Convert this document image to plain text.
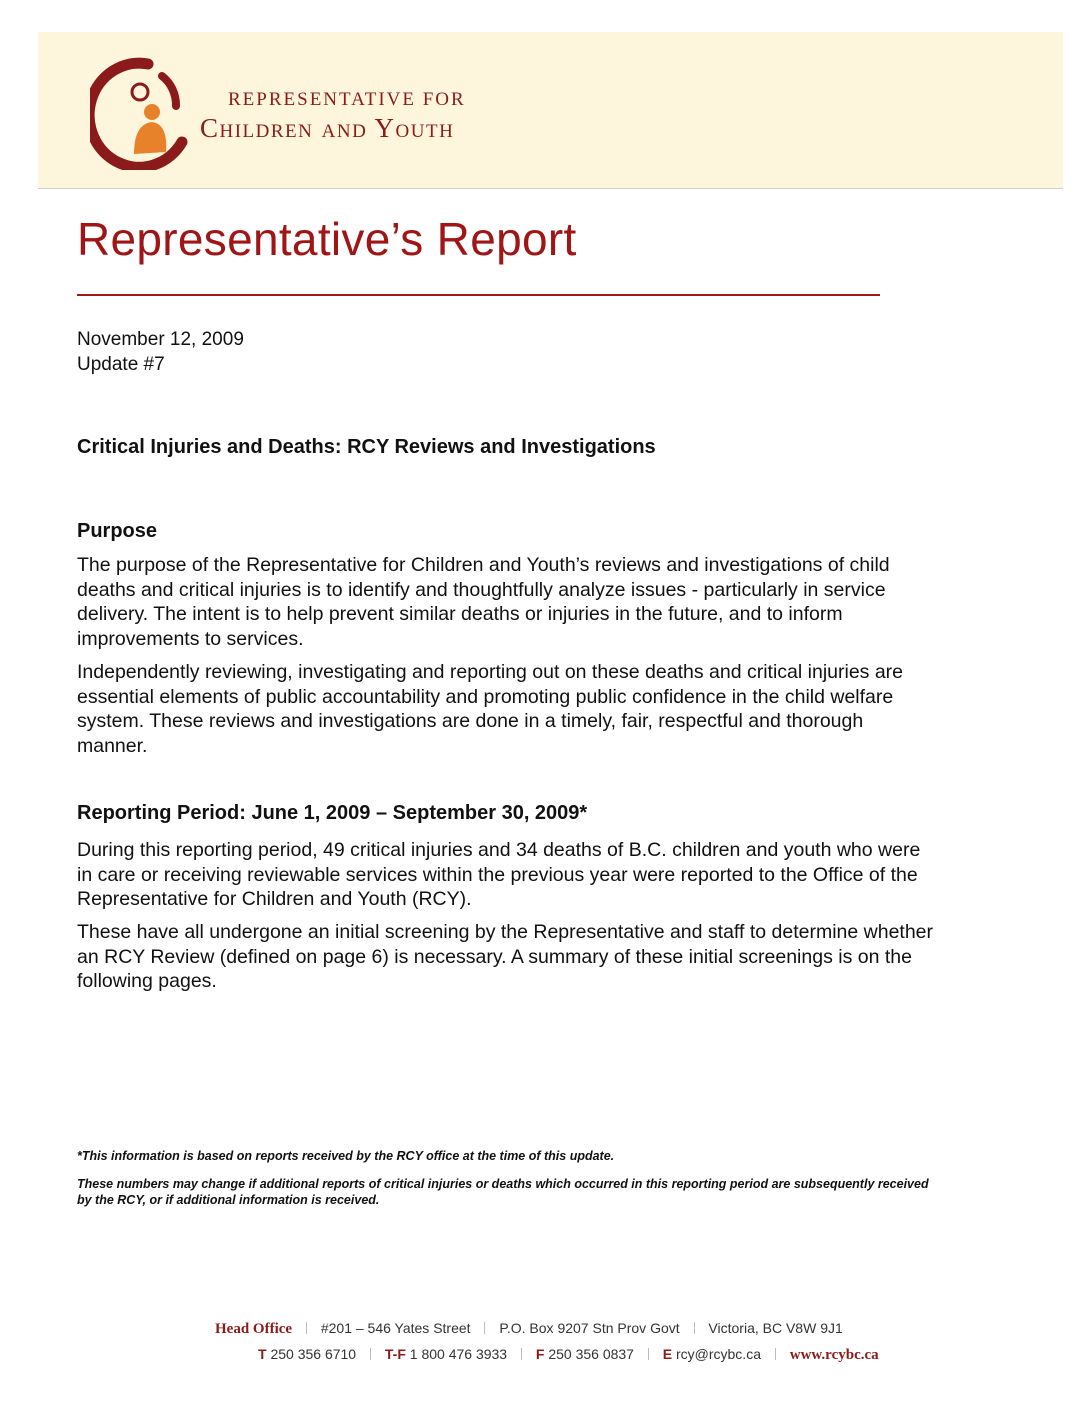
REPRESENTATIVE FOR
Children and Youth
Representative’s Report
November 12, 2009
Update #7
Critical Injuries and Deaths: RCY Reviews and Investigations
Purpose

The purpose of the Representative for Children and Youth’s reviews and investigations of child deaths and critical injuries is to identify and thoughtfully analyze issues - particularly in service delivery. The intent is to help prevent similar deaths or injuries in the future, and to inform improvements to services.

Independently reviewing, investigating and reporting out on these deaths and critical injuries are essential elements of public accountability and promoting public confidence in the child welfare system. These reviews and investigations are done in a timely, fair, respectful and thorough manner.

Reporting Period: June 1, 2009 – September 30, 2009*

During this reporting period, 49 critical injuries and 34 deaths of B.C. children and youth who were in care or receiving reviewable services within the previous year were reported to the Office of the Representative for Children and Youth (RCY).

These have all undergone an initial screening by the Representative and staff to determine whether an RCY Review (defined on page 6) is necessary. A summary of these initial screenings is on the following pages.

*This information is based on reports received by the RCY office at the time of this update.

These numbers may change if additional reports of critical injuries or deaths which occurred in this reporting period are subsequently received by the RCY, or if additional information is received.

Head Office #201 – 546 Yates Street P.O. Box 9207 Stn Prov Govt Victoria, BC V8W 9J1
T 250 356 6710 T-F 1 800 476 3933 F 250 356 0837 E rcy@rcybc.ca www.rcybc.ca
